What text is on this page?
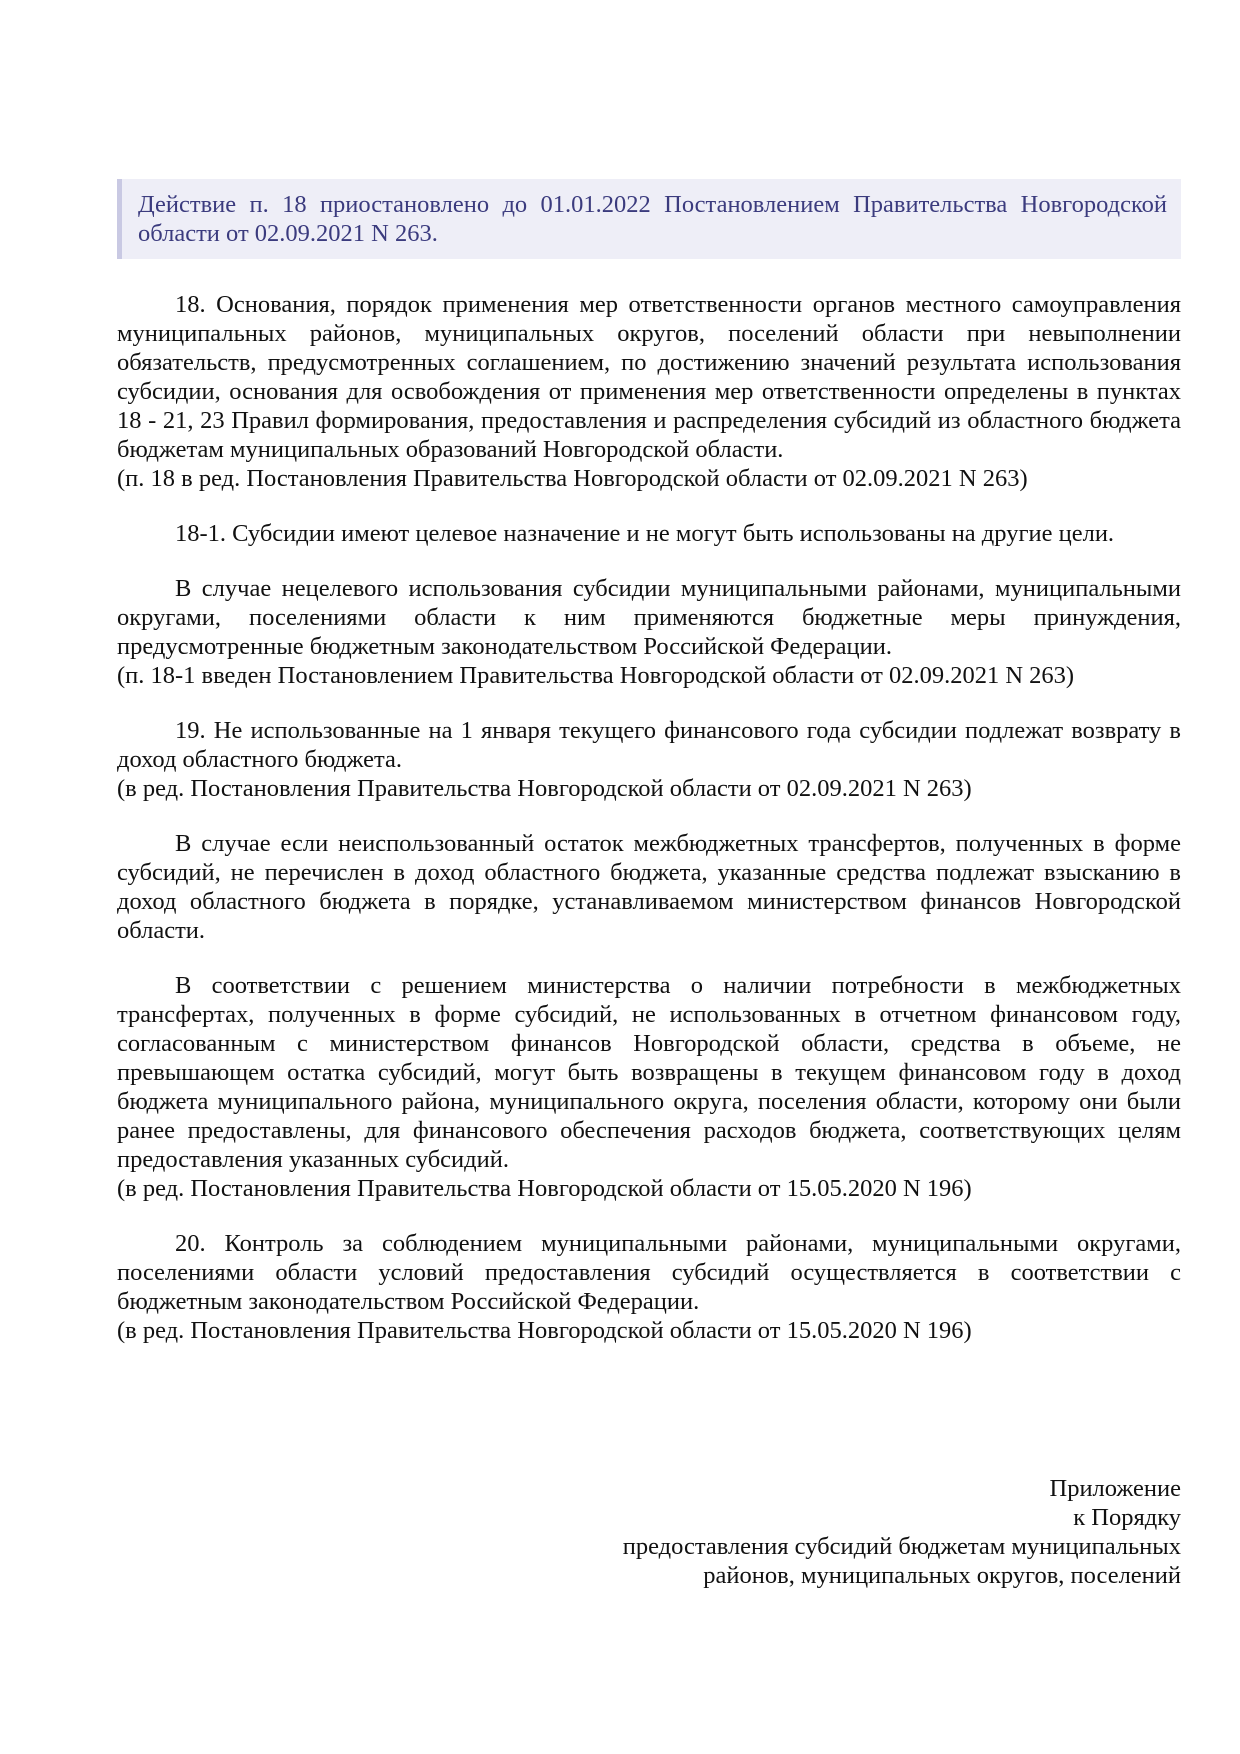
Действие п. 18 приостановлено до 01.01.2022 Постановлением Правительства Новгородской области от 02.09.2021 N 263.

18. Основания, порядок применения мер ответственности органов местного самоуправления муниципальных районов, муниципальных округов, поселений области при невыполнении обязательств, предусмотренных соглашением, по достижению значений результата использования субсидии, основания для освобождения от применения мер ответственности определены в пунктах 18 - 21, 23 Правил формирования, предоставления и распределения субсидий из областного бюджета бюджетам муниципальных образований Новгородской области.

(п. 18 в ред. Постановления Правительства Новгородской области от 02.09.2021 N 263)

18-1. Субсидии имеют целевое назначение и не могут быть использованы на другие цели.

В случае нецелевого использования субсидии муниципальными районами, муниципальными округами, поселениями области к ним применяются бюджетные меры принуждения, предусмотренные бюджетным законодательством Российской Федерации.

(п. 18-1 введен Постановлением Правительства Новгородской области от 02.09.2021 N 263)

19. Не использованные на 1 января текущего финансового года субсидии подлежат возврату в доход областного бюджета.

(в ред. Постановления Правительства Новгородской области от 02.09.2021 N 263)

В случае если неиспользованный остаток межбюджетных трансфертов, полученных в форме субсидий, не перечислен в доход областного бюджета, указанные средства подлежат взысканию в доход областного бюджета в порядке, устанавливаемом министерством финансов Новгородской области.

В соответствии с решением министерства о наличии потребности в межбюджетных трансфертах, полученных в форме субсидий, не использованных в отчетном финансовом году, согласованным с министерством финансов Новгородской области, средства в объеме, не превышающем остатка субсидий, могут быть возвращены в текущем финансовом году в доход бюджета муниципального района, муниципального округа, поселения области, которому они были ранее предоставлены, для финансового обеспечения расходов бюджета, соответствующих целям предоставления указанных субсидий.

(в ред. Постановления Правительства Новгородской области от 15.05.2020 N 196)

20. Контроль за соблюдением муниципальными районами, муниципальными округами, поселениями области условий предоставления субсидий осуществляется в соответствии с бюджетным законодательством Российской Федерации.

(в ред. Постановления Правительства Новгородской области от 15.05.2020 N 196)

Приложение
к Порядку
предоставления субсидий бюджетам муниципальных
районов, муниципальных округов, поселений
